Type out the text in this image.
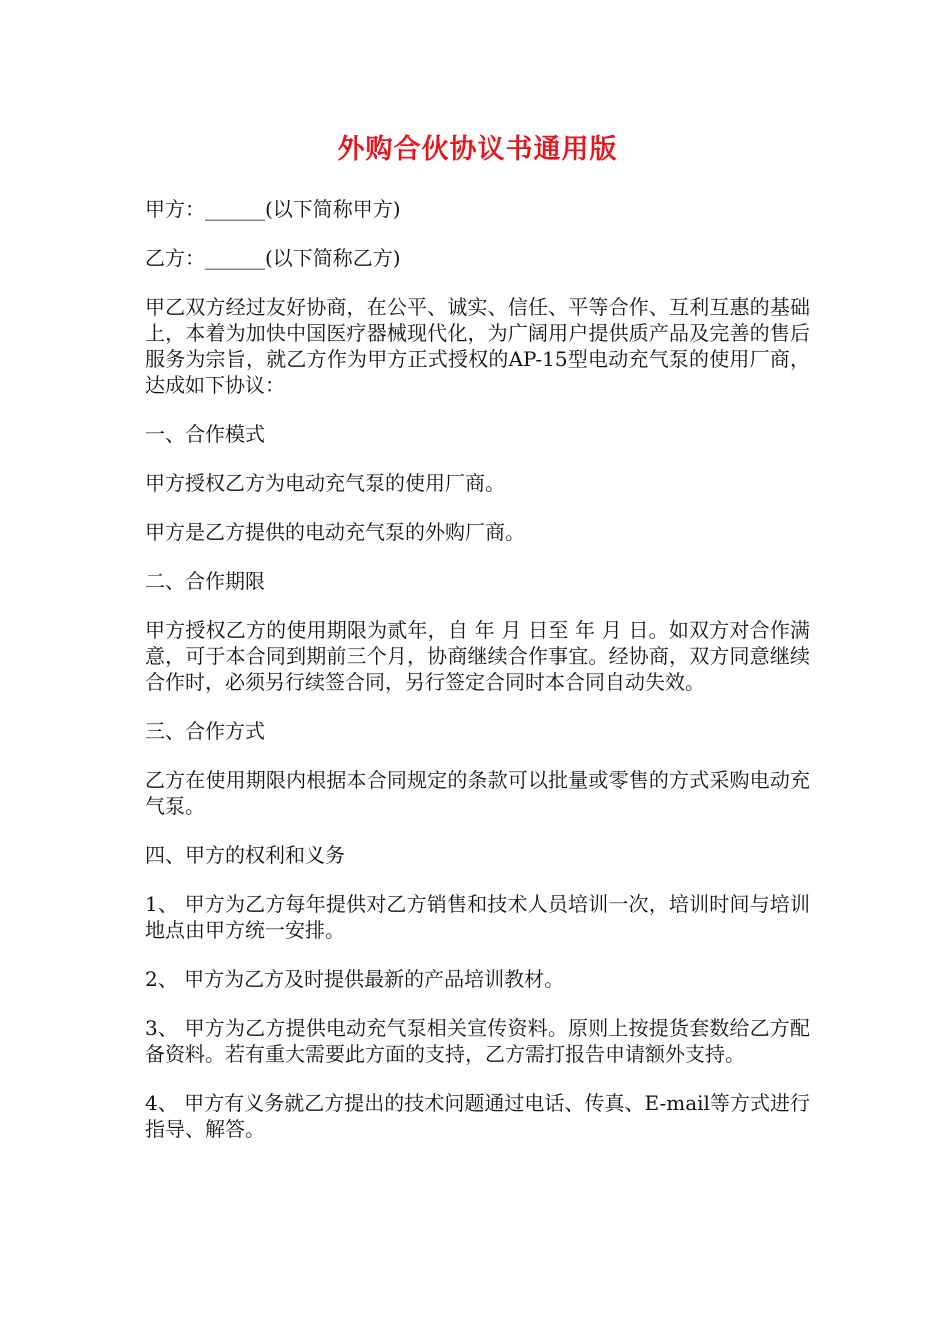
外购合伙协议书通用版

甲方：______(以下简称甲方)

乙方：______(以下简称乙方)

甲乙双方经过友好协商，在公平、诚实、信任、平等合作、互利互惠的基础上，本着为加快中国医疗器械现代化，为广阔用户提供质产品及完善的售后服务为宗旨，就乙方作为甲方正式授权的AP-15型电动充气泵的使用厂商，达成如下协议：

一、合作模式

甲方授权乙方为电动充气泵的使用厂商。

甲方是乙方提供的电动充气泵的外购厂商。

二、合作期限

甲方授权乙方的使用期限为贰年，自 年 月 日至 年 月 日。如双方对合作满意，可于本合同到期前三个月，协商继续合作事宜。经协商，双方同意继续合作时，必须另行续签合同，另行签定合同时本合同自动失效。

三、合作方式

乙方在使用期限内根据本合同规定的条款可以批量或零售的方式采购电动充气泵。

四、甲方的权利和义务

1、 甲方为乙方每年提供对乙方销售和技术人员培训一次，培训时间与培训地点由甲方统一安排。

2、 甲方为乙方及时提供最新的产品培训教材。

3、 甲方为乙方提供电动充气泵相关宣传资料。原则上按提货套数给乙方配备资料。若有重大需要此方面的支持，乙方需打报告申请额外支持。

4、 甲方有义务就乙方提出的技术问题通过电话、传真、E-mail等方式进行指导、解答。
